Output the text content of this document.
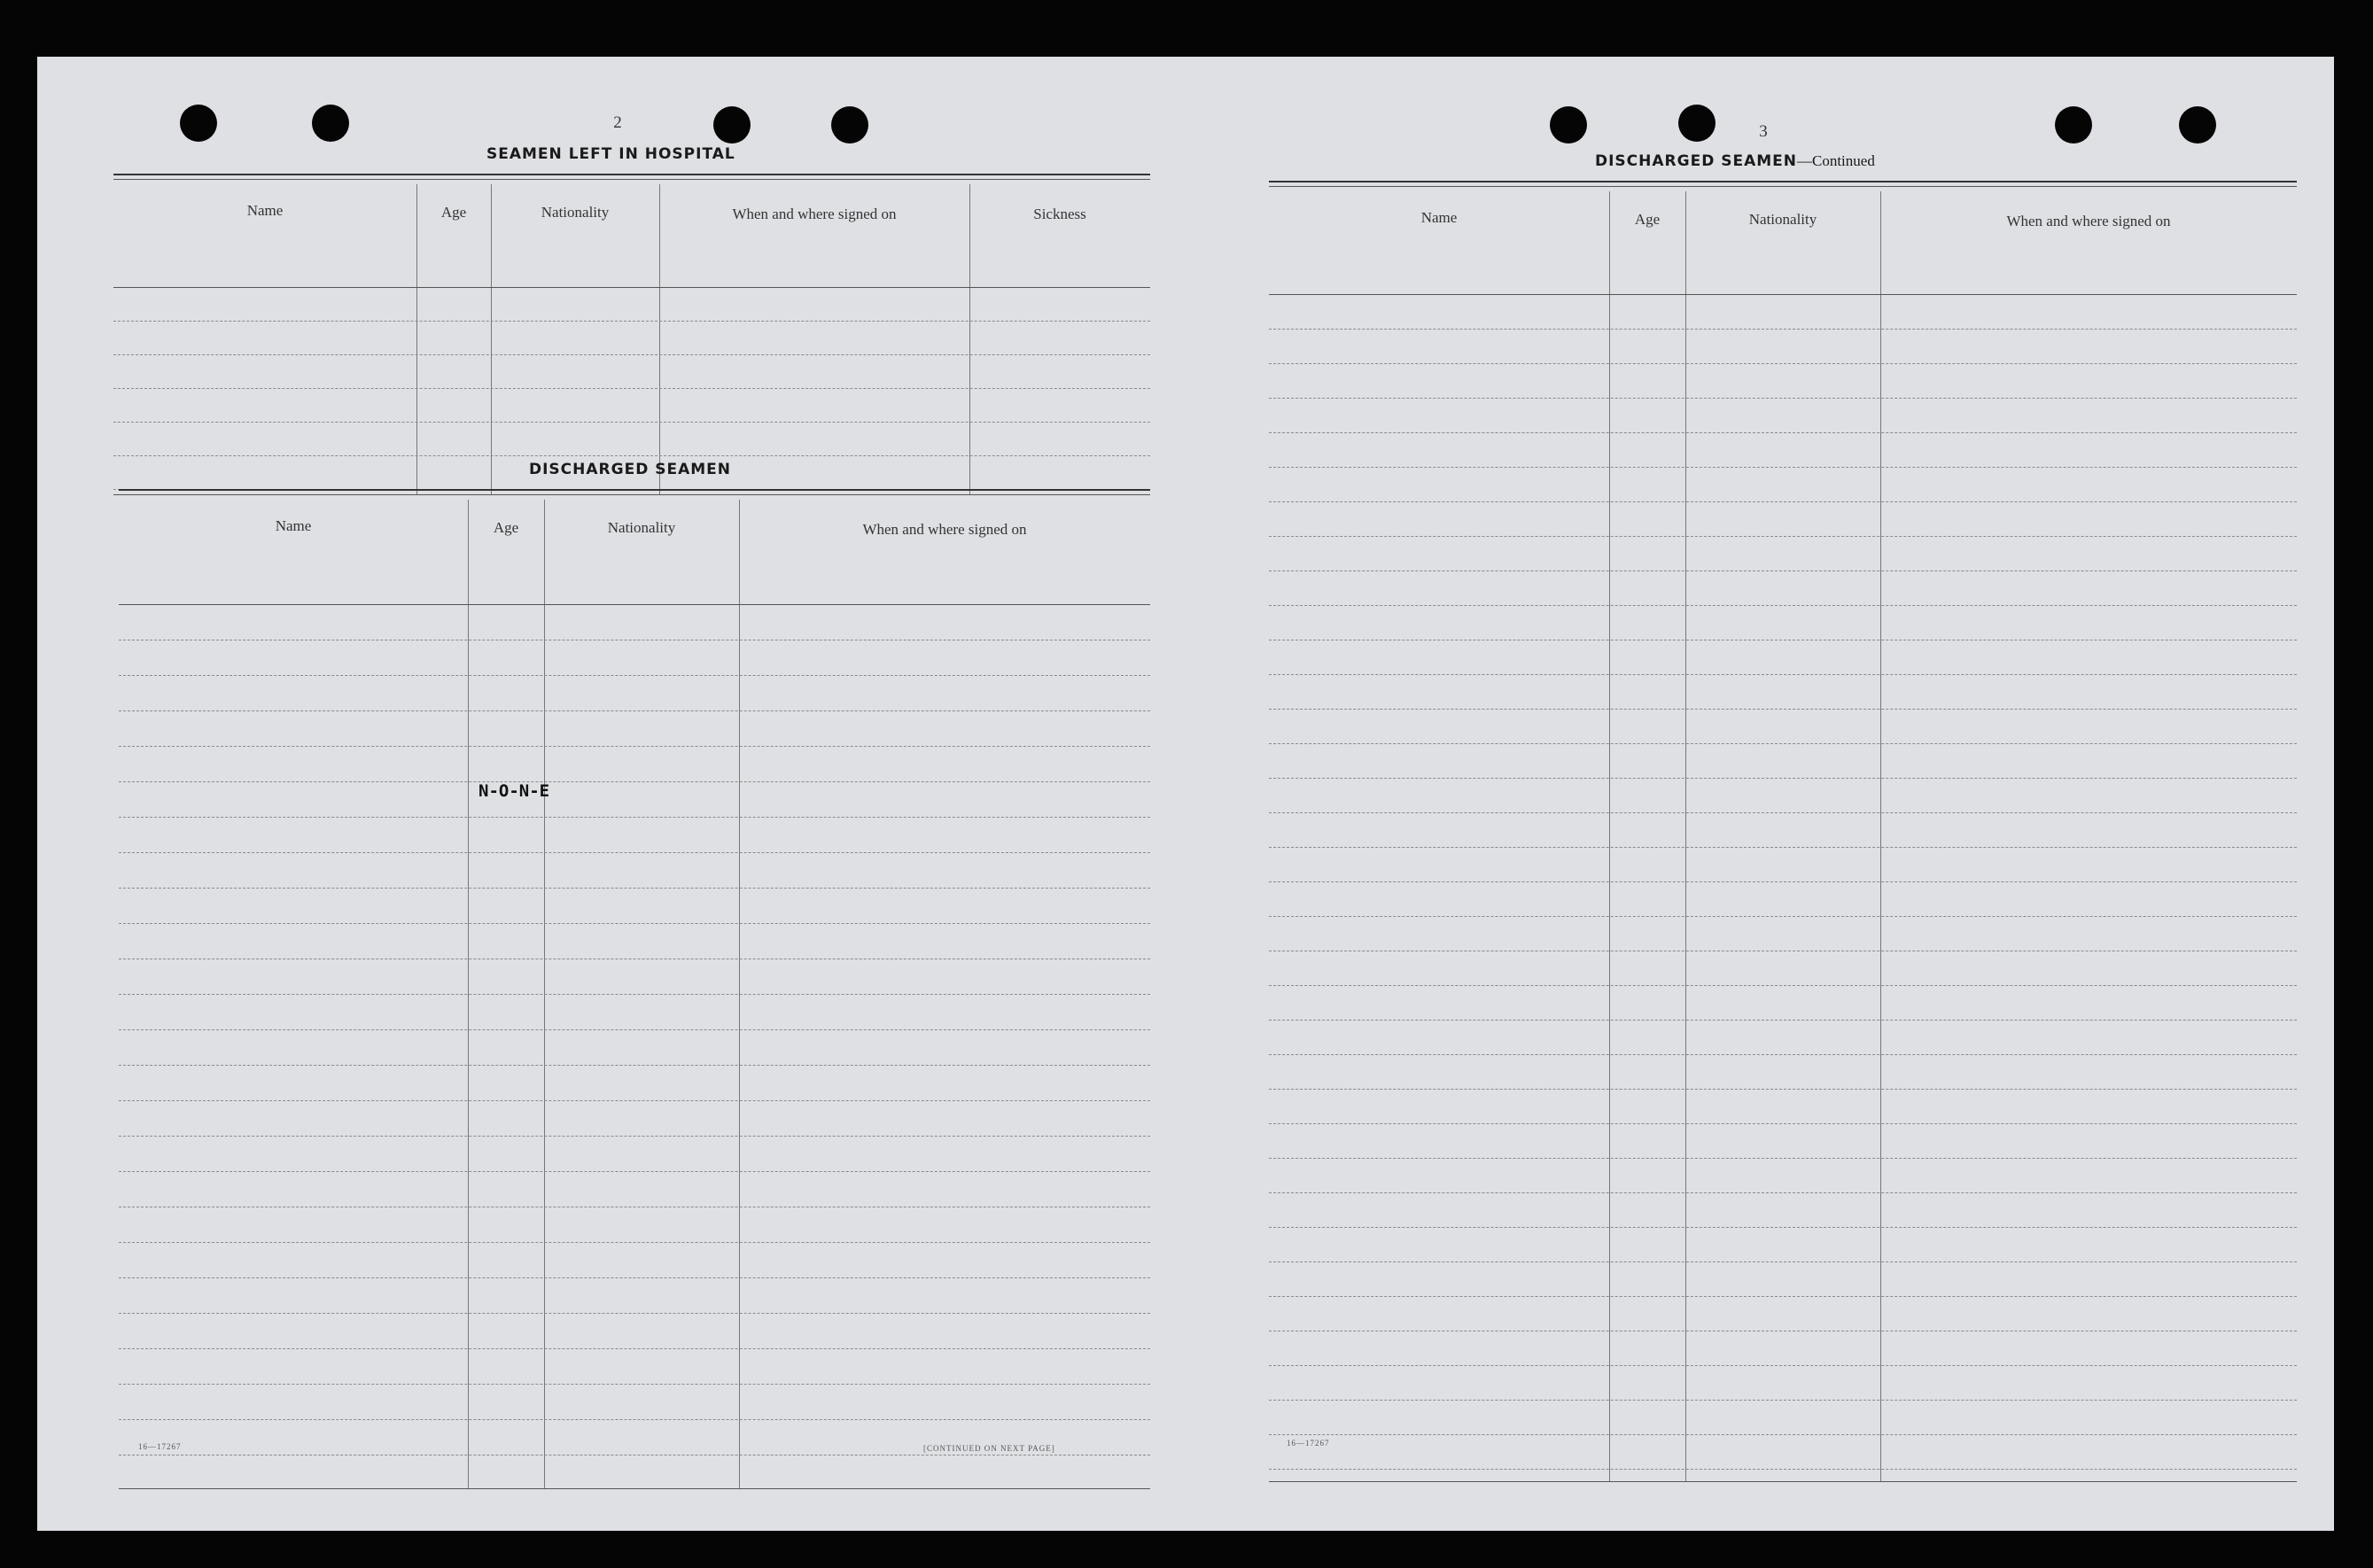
2
SEAMEN LEFT IN HOSPITAL
Name	Age	Nationality	When and where signed on	Sickness
DISCHARGED SEAMEN
Name	Age	Nationality	When and where signed on
N-O-N-E
16—17267	[CONTINUED ON NEXT PAGE]
3
DISCHARGED SEAMEN—Continued
Name	Age	Nationality	When and where signed on
16—17267
